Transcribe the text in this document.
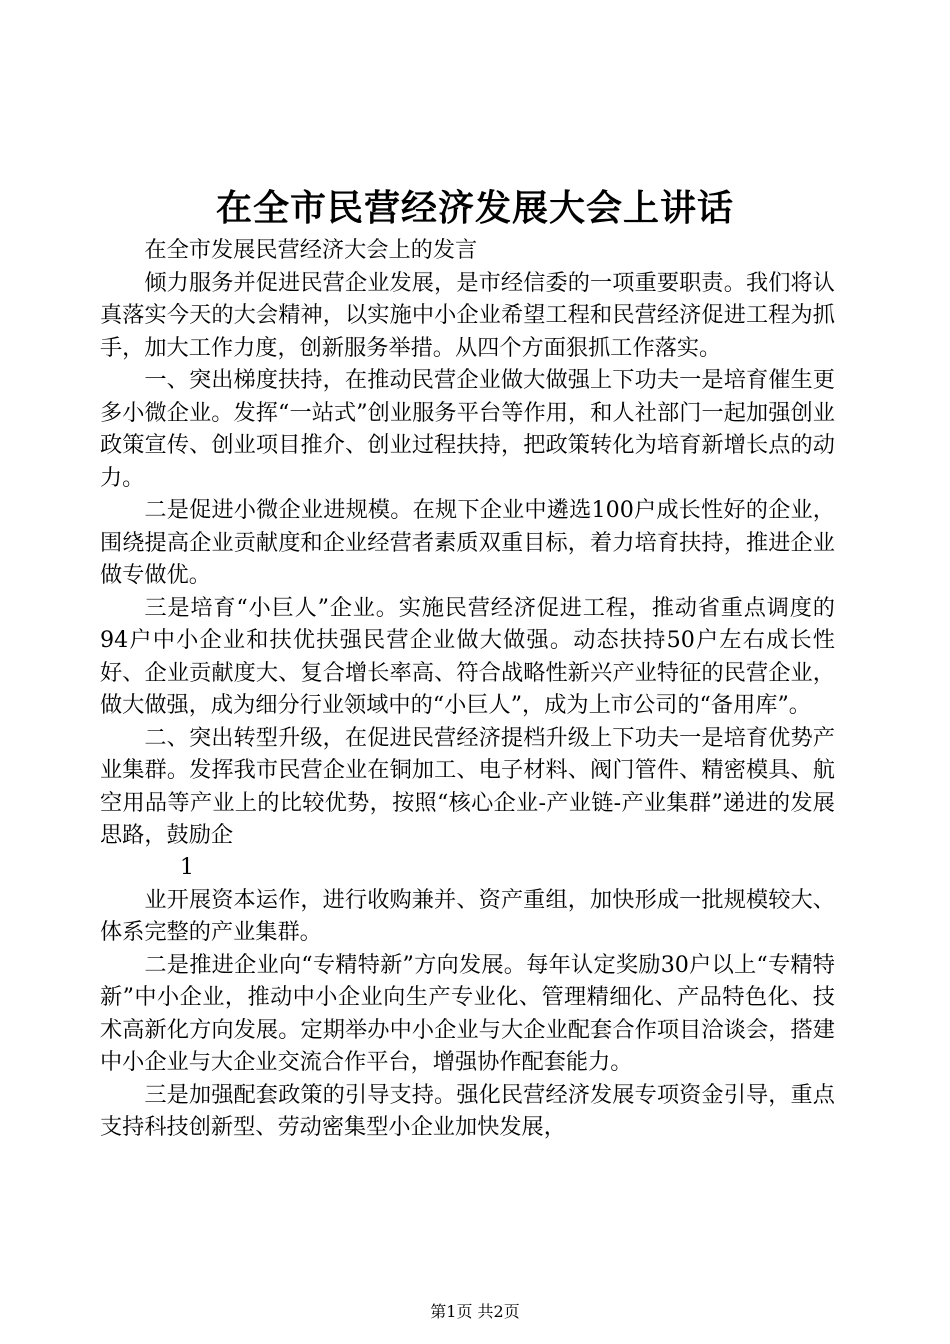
在全市民营经济发展大会上讲话

在全市发展民营经济大会上的发言

倾力服务并促进民营企业发展，是市经信委的一项重要职责。我们将认真落实今天的大会精神，以实施中小企业希望工程和民营经济促进工程为抓手，加大工作力度，创新服务举措。从四个方面狠抓工作落实。

一、突出梯度扶持，在推动民营企业做大做强上下功夫一是培育催生更多小微企业。发挥“一站式”创业服务平台等作用，和人社部门一起加强创业政策宣传、创业项目推介、创业过程扶持，把政策转化为培育新增长点的动力。

二是促进小微企业进规模。在规下企业中遴选100户成长性好的企业，围绕提高企业贡献度和企业经营者素质双重目标，着力培育扶持，推进企业做专做优。

三是培育“小巨人”企业。实施民营经济促进工程，推动省重点调度的94户中小企业和扶优扶强民营企业做大做强。动态扶持50户左右成长性好、企业贡献度大、复合增长率高、符合战略性新兴产业特征的民营企业，做大做强，成为细分行业领域中的“小巨人”，成为上市公司的“备用库”。

二、突出转型升级，在促进民营经济提档升级上下功夫一是培育优势产业集群。发挥我市民营企业在铜加工、电子材料、阀门管件、精密模具、航空用品等产业上的比较优势，按照“核心企业-产业链-产业集群”递进的发展思路，鼓励企

1

业开展资本运作，进行收购兼并、资产重组，加快形成一批规模较大、体系完整的产业集群。

二是推进企业向“专精特新”方向发展。每年认定奖励30户以上“专精特新”中小企业，推动中小企业向生产专业化、管理精细化、产品特色化、技术高新化方向发展。定期举办中小企业与大企业配套合作项目洽谈会，搭建中小企业与大企业交流合作平台，增强协作配套能力。

三是加强配套政策的引导支持。强化民营经济发展专项资金引导，重点支持科技创新型、劳动密集型小企业加快发展，

第1页 共2页
